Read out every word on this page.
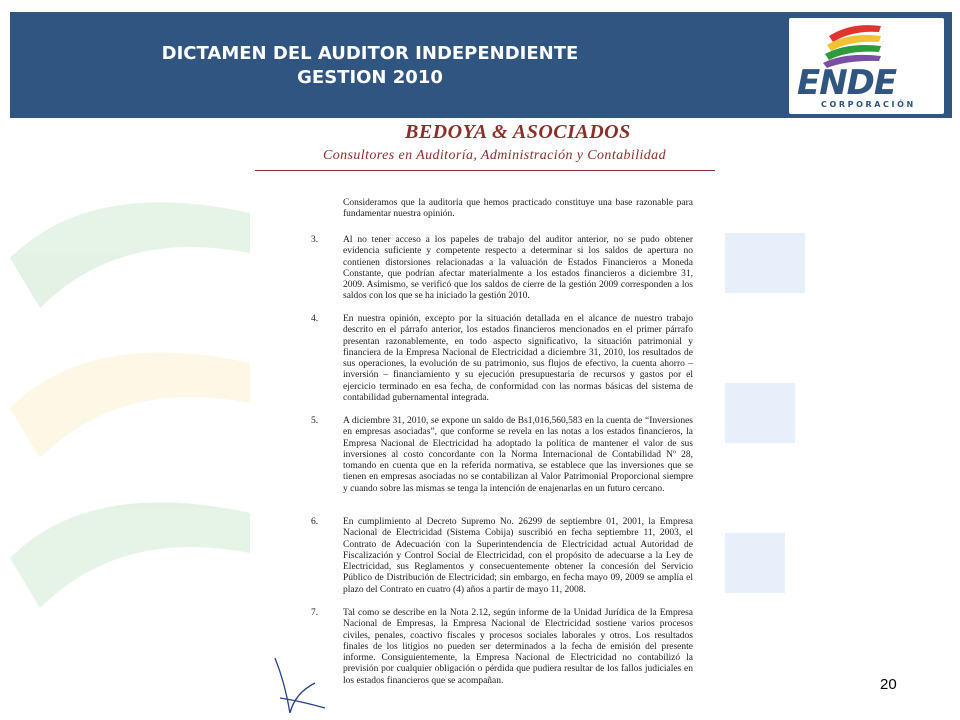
DICTAMEN DEL AUDITOR INDEPENDIENTE
GESTION 2010	ENDE
CORPORACIÓN
BEDOYA & ASOCIADOS
Consultores en Auditoría, Administración y Contabilidad
Consideramos que la auditoría que hemos practicado constituye una base razonable para fundamentar nuestra opinión.
3.	Al no tener acceso a los papeles de trabajo del auditor anterior, no se pudo obtener evidencia suficiente y competente respecto a determinar si los saldos de apertura no contienen distorsiones relacionadas a la valuación de Estados Financieros a Moneda Constante, que podrían afectar materialmente a los estados financieros a diciembre 31, 2009. Asimismo, se verificó que los saldos de cierre de la gestión 2009 corresponden a los saldos con los que se ha iniciado la gestión 2010.
4.	En nuestra opinión, excepto por la situación detallada en el alcance de nuestro trabajo descrito en el párrafo anterior, los estados financieros mencionados en el primer párrafo presentan razonablemente, en todo aspecto significativo, la situación patrimonial y financiera de la Empresa Nacional de Electricidad a diciembre 31, 2010, los resultados de sus operaciones, la evolución de su patrimonio, sus flujos de efectivo, la cuenta ahorro – inversión – financiamiento y su ejecución presupuestaria de recursos y gastos por el ejercicio terminado en esa fecha, de conformidad con las normas básicas del sistema de contabilidad gubernamental integrada.
5.	A diciembre 31, 2010, se expone un saldo de Bs1,016,560,583 en la cuenta de “Inversiones en empresas asociadas”, que conforme se revela en las notas a los estados financieros, la Empresa Nacional de Electricidad ha adoptado la política de mantener el valor de sus inversiones al costo concordante con la Norma Internacional de Contabilidad Nº 28, tomando en cuenta que en la referida normativa, se establece que las inversiones que se tienen en empresas asociadas no se contabilizan al Valor Patrimonial Proporcional siempre y cuando sobre las mismas se tenga la intención de enajenarlas en un futuro cercano.
6.	En cumplimiento al Decreto Supremo No. 26299 de septiembre 01, 2001, la Empresa Nacional de Electricidad (Sistema Cobija) suscribió en fecha septiembre 11, 2003, el Contrato de Adecuación con la Superintendencia de Electricidad actual Autoridad de Fiscalización y Control Social de Electricidad, con el propósito de adecuarse a la Ley de Electricidad, sus Reglamentos y consecuentemente obtener la concesión del Servicio Público de Distribución de Electricidad; sin embargo, en fecha mayo 09, 2009 se amplía el plazo del Contrato en cuatro (4) años a partir de mayo 11, 2008.
7.	Tal como se describe en la Nota 2.12, según informe de la Unidad Jurídica de la Empresa Nacional de Empresas, la Empresa Nacional de Electricidad sostiene varios procesos civiles, penales, coactivo fiscales y procesos sociales laborales y otros. Los resultados finales de los litigios no pueden ser determinados a la fecha de emisión del presente informe. Consiguientemente, la Empresa Nacional de Electricidad no contabilizó la previsión por cualquier obligación o pérdida que pudiera resultar de los fallos judiciales en los estados financieros que se acompañan.	20
